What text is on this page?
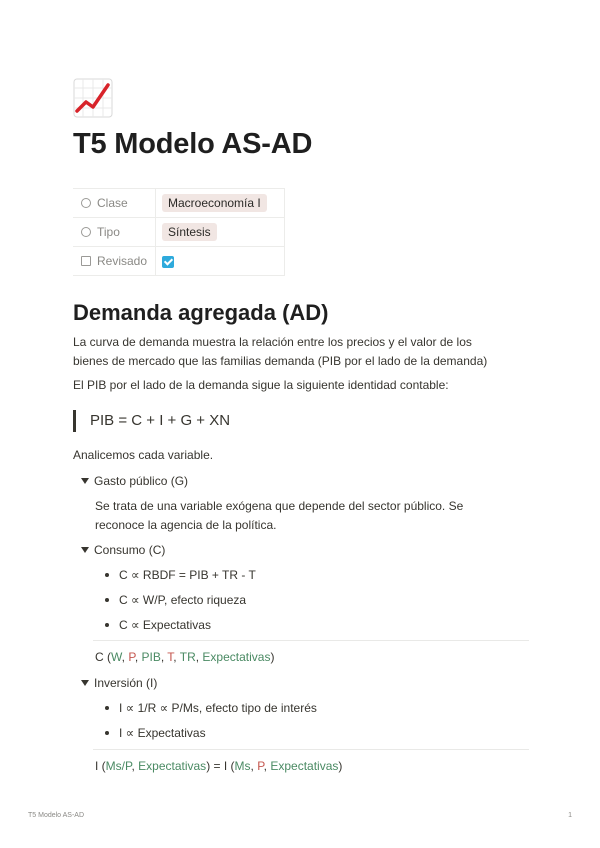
T5 Modelo AS-AD
Clase	Macroeconomía I
Tipo	Síntesis
Revisado	
Demanda agregada (AD)

La curva de demanda muestra la relación entre los precios y el valor de los
bienes de mercado que las familias demanda (PIB por el lado de la demanda)

El PIB por el lado de la demanda sigue la siguiente identidad contable:

PIB = C + I + G + XN

Analicemos cada variable.

Gasto público (G)

Se trata de una variable exógena que depende del sector público. Se
reconoce la agencia de la política.

Consumo (C)
C ∝ RBDF = PIB + TR - T
C ∝ W/P, efecto riqueza
C ∝ Expectativas

C (W, P, PIB, T, TR, Expectativas)

Inversión (I)
I ∝ 1/R ∝ P/Ms, efecto tipo de interés
I ∝ Expectativas

I (Ms/P, Expectativas) = I (Ms, P, Expectativas)

T5 Modelo AS-AD	1
